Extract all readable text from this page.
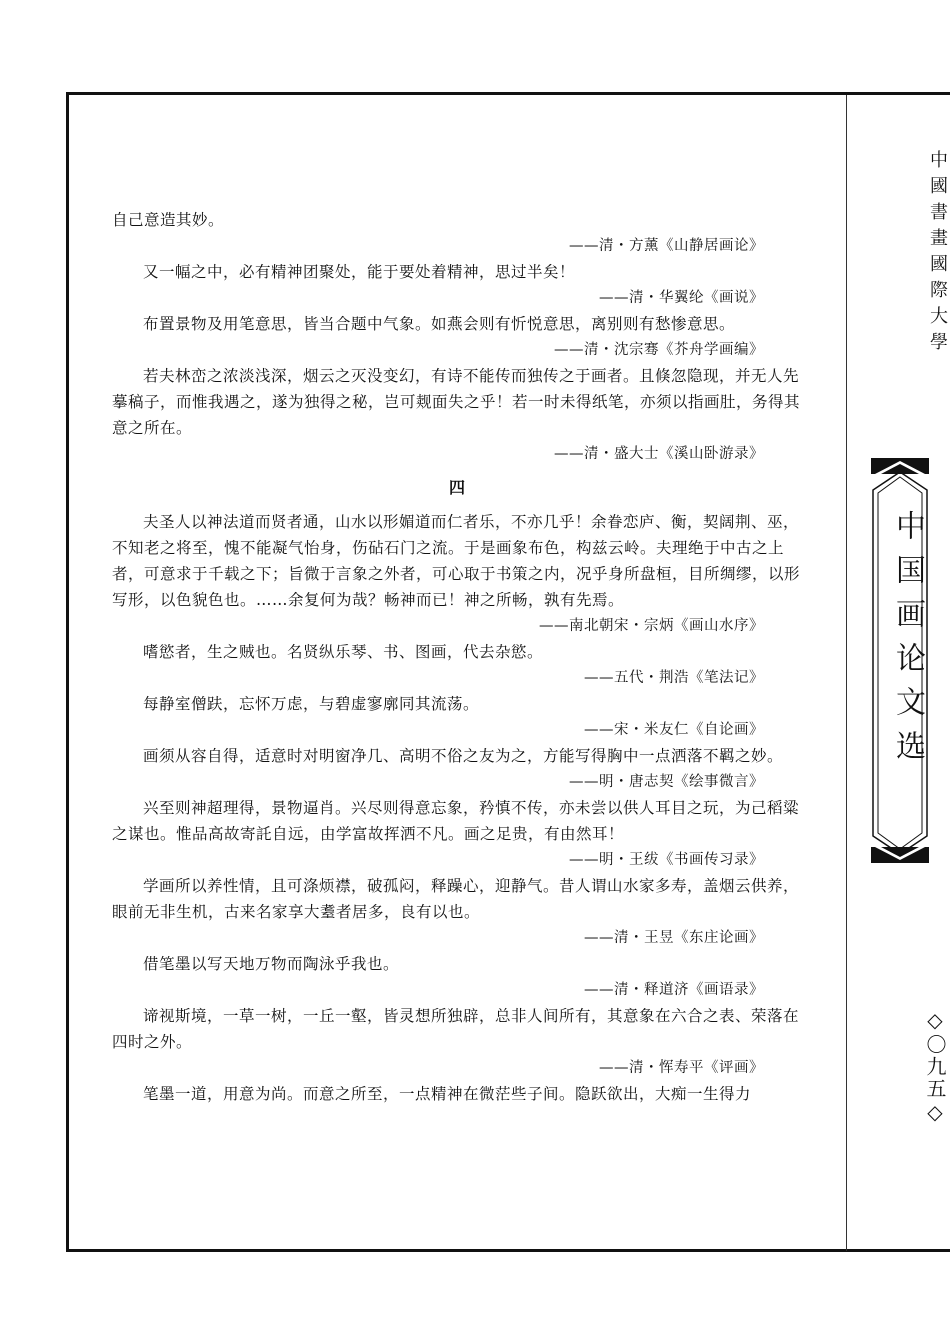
自己意造其妙。

——清・方薰《山静居画论》

又一幅之中，必有精神团聚处，能于要处着精神，思过半矣！

——清・华翼纶《画说》

布置景物及用笔意思，皆当合题中气象。如燕会则有忻悦意思，离别则有愁惨意思。

——清・沈宗骞《芥舟学画编》

若夫林峦之浓淡浅深，烟云之灭没变幻，有诗不能传而独传之于画者。且倏忽隐现，并无人先摹稿子，而惟我遇之，遂为独得之秘，岂可觌面失之乎！若一时未得纸笔，亦须以指画肚，务得其意之所在。

——清・盛大士《溪山卧游录》

四

夫圣人以神法道而贤者通，山水以形媚道而仁者乐，不亦几乎！余眷恋庐、衡，契阔荆、巫，不知老之将至，愧不能凝气怡身，伤砧石门之流。于是画象布色，构兹云岭。夫理绝于中古之上者，可意求于千载之下；旨微于言象之外者，可心取于书策之内，况乎身所盘桓，目所绸缪，以形写形，以色貌色也。……余复何为哉？畅神而已！神之所畅，孰有先焉。

——南北朝宋・宗炳《画山水序》

嗜慾者，生之贼也。名贤纵乐琴、书、图画，代去杂慾。

——五代・荆浩《笔法记》

每静室僧趺，忘怀万虑，与碧虚寥廓同其流荡。

——宋・米友仁《自论画》

画须从容自得，适意时对明窗净几、高明不俗之友为之，方能写得胸中一点洒落不羁之妙。

——明・唐志契《绘事微言》

兴至则神超理得，景物逼肖。兴尽则得意忘象，矜慎不传，亦未尝以供人耳目之玩，为己稻粱之谋也。惟品高故寄託自远，由学富故挥洒不凡。画之足贵，有由然耳！

——明・王绂《书画传习录》

学画所以养性情，且可涤烦襟，破孤闷，释躁心，迎静气。昔人谓山水家多寿，盖烟云供养，眼前无非生机，古来名家享大耋者居多，良有以也。

——清・王昱《东庄论画》

借笔墨以写天地万物而陶泳乎我也。

——清・释道济《画语录》

谛视斯境，一草一树，一丘一壑，皆灵想所独辟，总非人间所有，其意象在六合之表、荣落在四时之外。

——清・恽寿平《评画》

笔墨一道，用意为尚。而意之所至，一点精神在微茫些子间。隐跃欲出，大痴一生得力

中國書畫國際大學
中国画论文选
◇〇九五◇
